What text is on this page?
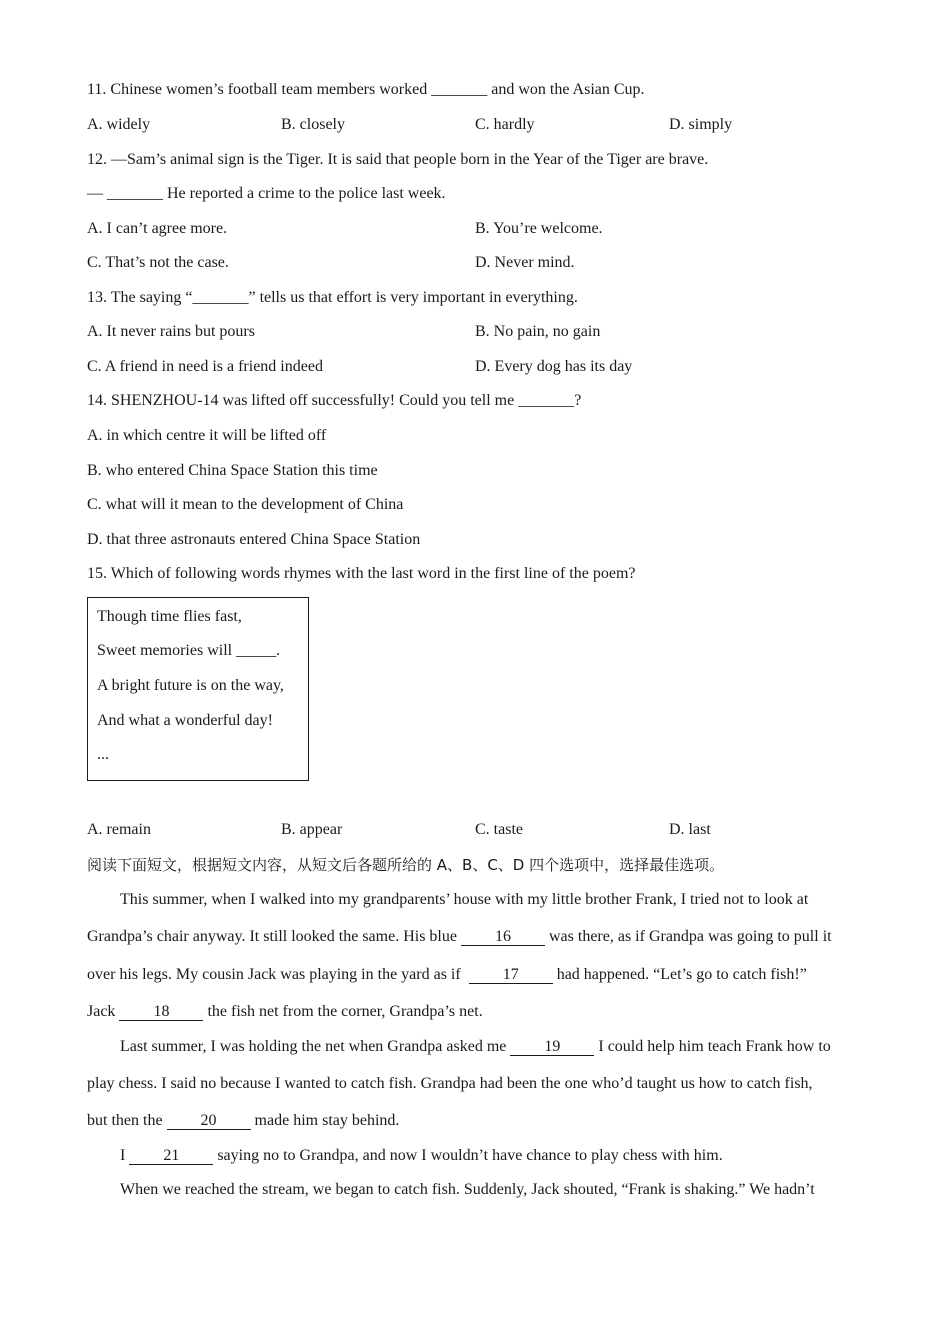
11. Chinese women’s football team members worked _______ and won the Asian Cup.
A. widely	B. closely	C. hardly	D. simply
12. —Sam’s animal sign is the Tiger. It is said that people born in the Year of the Tiger are brave.
— _______ He reported a crime to the police last week.
A. I can’t agree more.	B. You’re welcome.
C. That’s not the case.	D. Never mind.
13. The saying “_______” tells us that effort is very important in everything.
A. It never rains but pours	B. No pain, no gain
C. A friend in need is a friend indeed	D. Every dog has its day
14. SHENZHOU-14 was lifted off successfully! Could you tell me _______?
A. in which centre it will be lifted off
B. who entered China Space Station this time
C. what will it mean to the development of China
D. that three astronauts entered China Space Station
15. Which of following words rhymes with the last word in the first line of the poem?
Though time flies fast,
Sweet memories will _____.
A bright future is on the way,
And what a wonderful day!
...
A. remain	B. appear	C. taste	D. last
阅读下面短文，根据短文内容，从短文后各题所给的 A、B、C、D 四个选项中，选择最佳选项。
This summer, when I walked into my grandparents’ house with my little brother Frank, I tried not to look at
Grandpa’s chair anyway. It still looked the same. His blue 16 was there, as if Grandpa was going to pull it
over his legs. My cousin Jack was playing in the yard as if	17 had happened. “Let’s go to catch fish!”
Jack 18 the fish net from the corner, Grandpa’s net.
Last summer, I was holding the net when Grandpa asked me 19 I could help him teach Frank how to
play chess. I said no because I wanted to catch fish. Grandpa had been the one who’d taught us how to catch fish,
but then the 20 made him stay behind.
I 21 saying no to Grandpa, and now I wouldn’t have chance to play chess with him.
When we reached the stream, we began to catch fish. Suddenly, Jack shouted, “Frank is shaking.” We hadn’t
